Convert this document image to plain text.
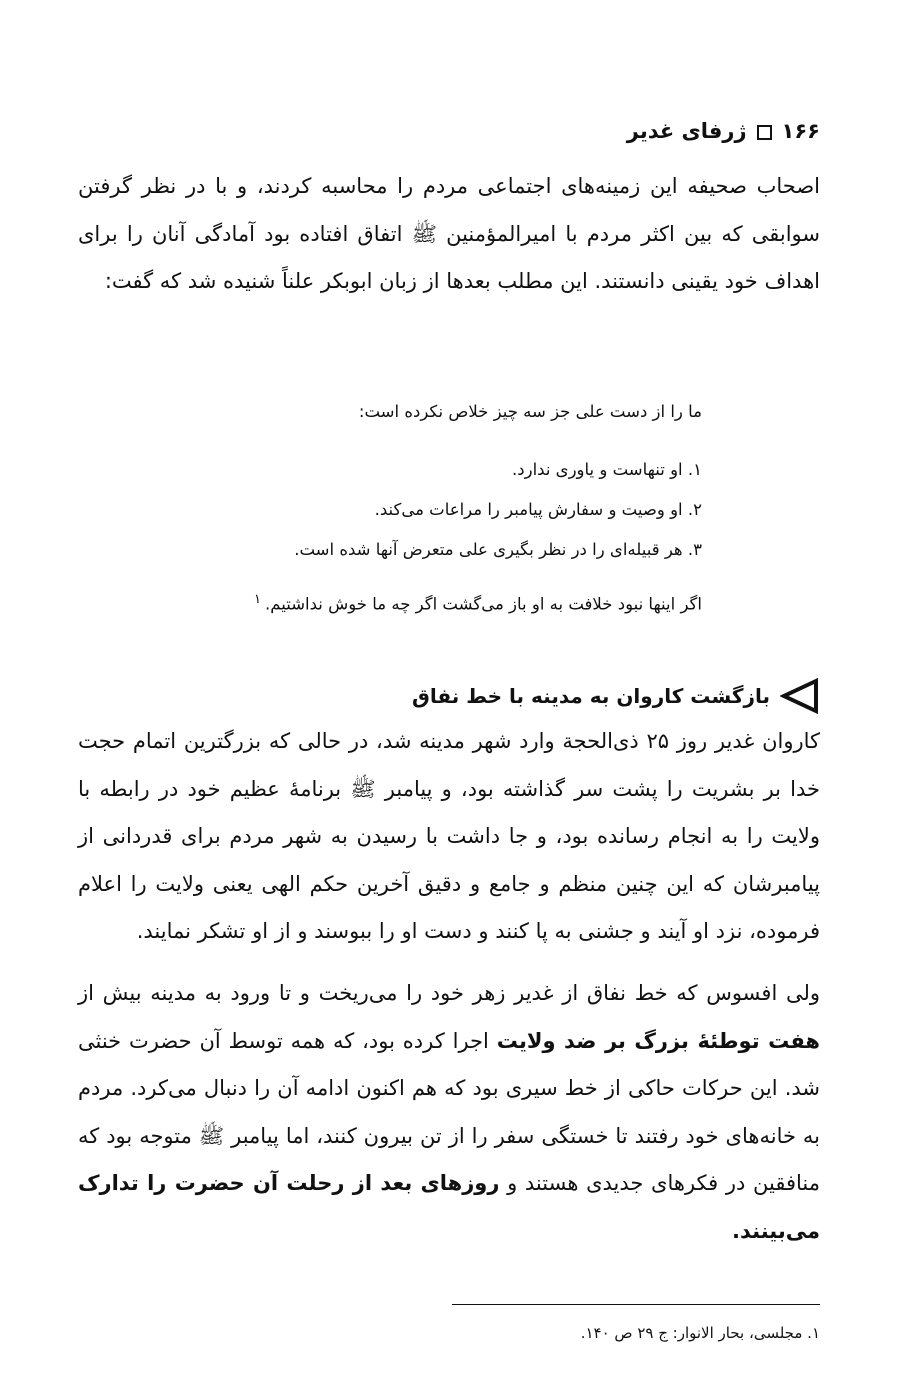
۱۶۶ژرفای غدیر

اصحاب صحیفه این زمینه‌های اجتماعی مردم را محاسبه کردند، و با در نظر گرفتن سوابقی که بین اکثر مردم با امیرالمؤمنین ﷺ اتفاق افتاده بود آمادگی آنان را برای اهداف خود یقینی دانستند. این مطلب بعدها از زبان ابوبکر علناً شنیده شد که گفت:

ما را از دست علی جز سه چیز خلاص نکرده است:
۱. او تنهاست و یاوری ندارد.
۲. او وصیت و سفارش پیامبر را مراعات می‌کند.
۳. هر قبیله‌ای را در نظر بگیری علی متعرض آنها شده است.
اگر اینها نبود خلافت به او باز می‌گشت اگر چه ما خوش نداشتیم.$^۱$
بازگشت کاروان به مدینه با خط نفاق

کاروان غدیر روز ۲۵ ذی‌الحجة وارد شهر مدینه شد، در حالی که بزرگترین اتمام حجت خدا بر بشریت را پشت سر گذاشته بود، و پیامبر ﷺ برنامهٔ عظیم خود در رابطه با ولایت را به انجام رسانده بود، و جا داشت با رسیدن به شهر مردم برای قدردانی از پیامبرشان که این چنین منظم و جامع و دقیق آخرین حکم الهی یعنی ولایت را اعلام فرموده، نزد او آیند و جشنی به پا کنند و دست او را ببوسند و از او تشکر نمایند.

ولی افسوس که خط نفاق از غدیر زهر خود را می‌ریخت و تا ورود به مدینه بیش از هفت توطئهٔ بزرگ بر ضد ولایت اجرا کرده بود، که همه توسط آن حضرت خنثی شد. این حرکات حاکی از خط سیری بود که هم اکنون ادامه آن را دنبال می‌کرد. مردم به خانه‌های خود رفتند تا خستگی سفر را از تن بیرون کنند، اما پیامبر ﷺ متوجه بود که منافقین در فکرهای جدیدی هستند و روزهای بعد از رحلت آن حضرت را تدارک می‌بینند.

۱. مجلسی، بحار الانوار: ج ۲۹ ص ۱۴۰.
